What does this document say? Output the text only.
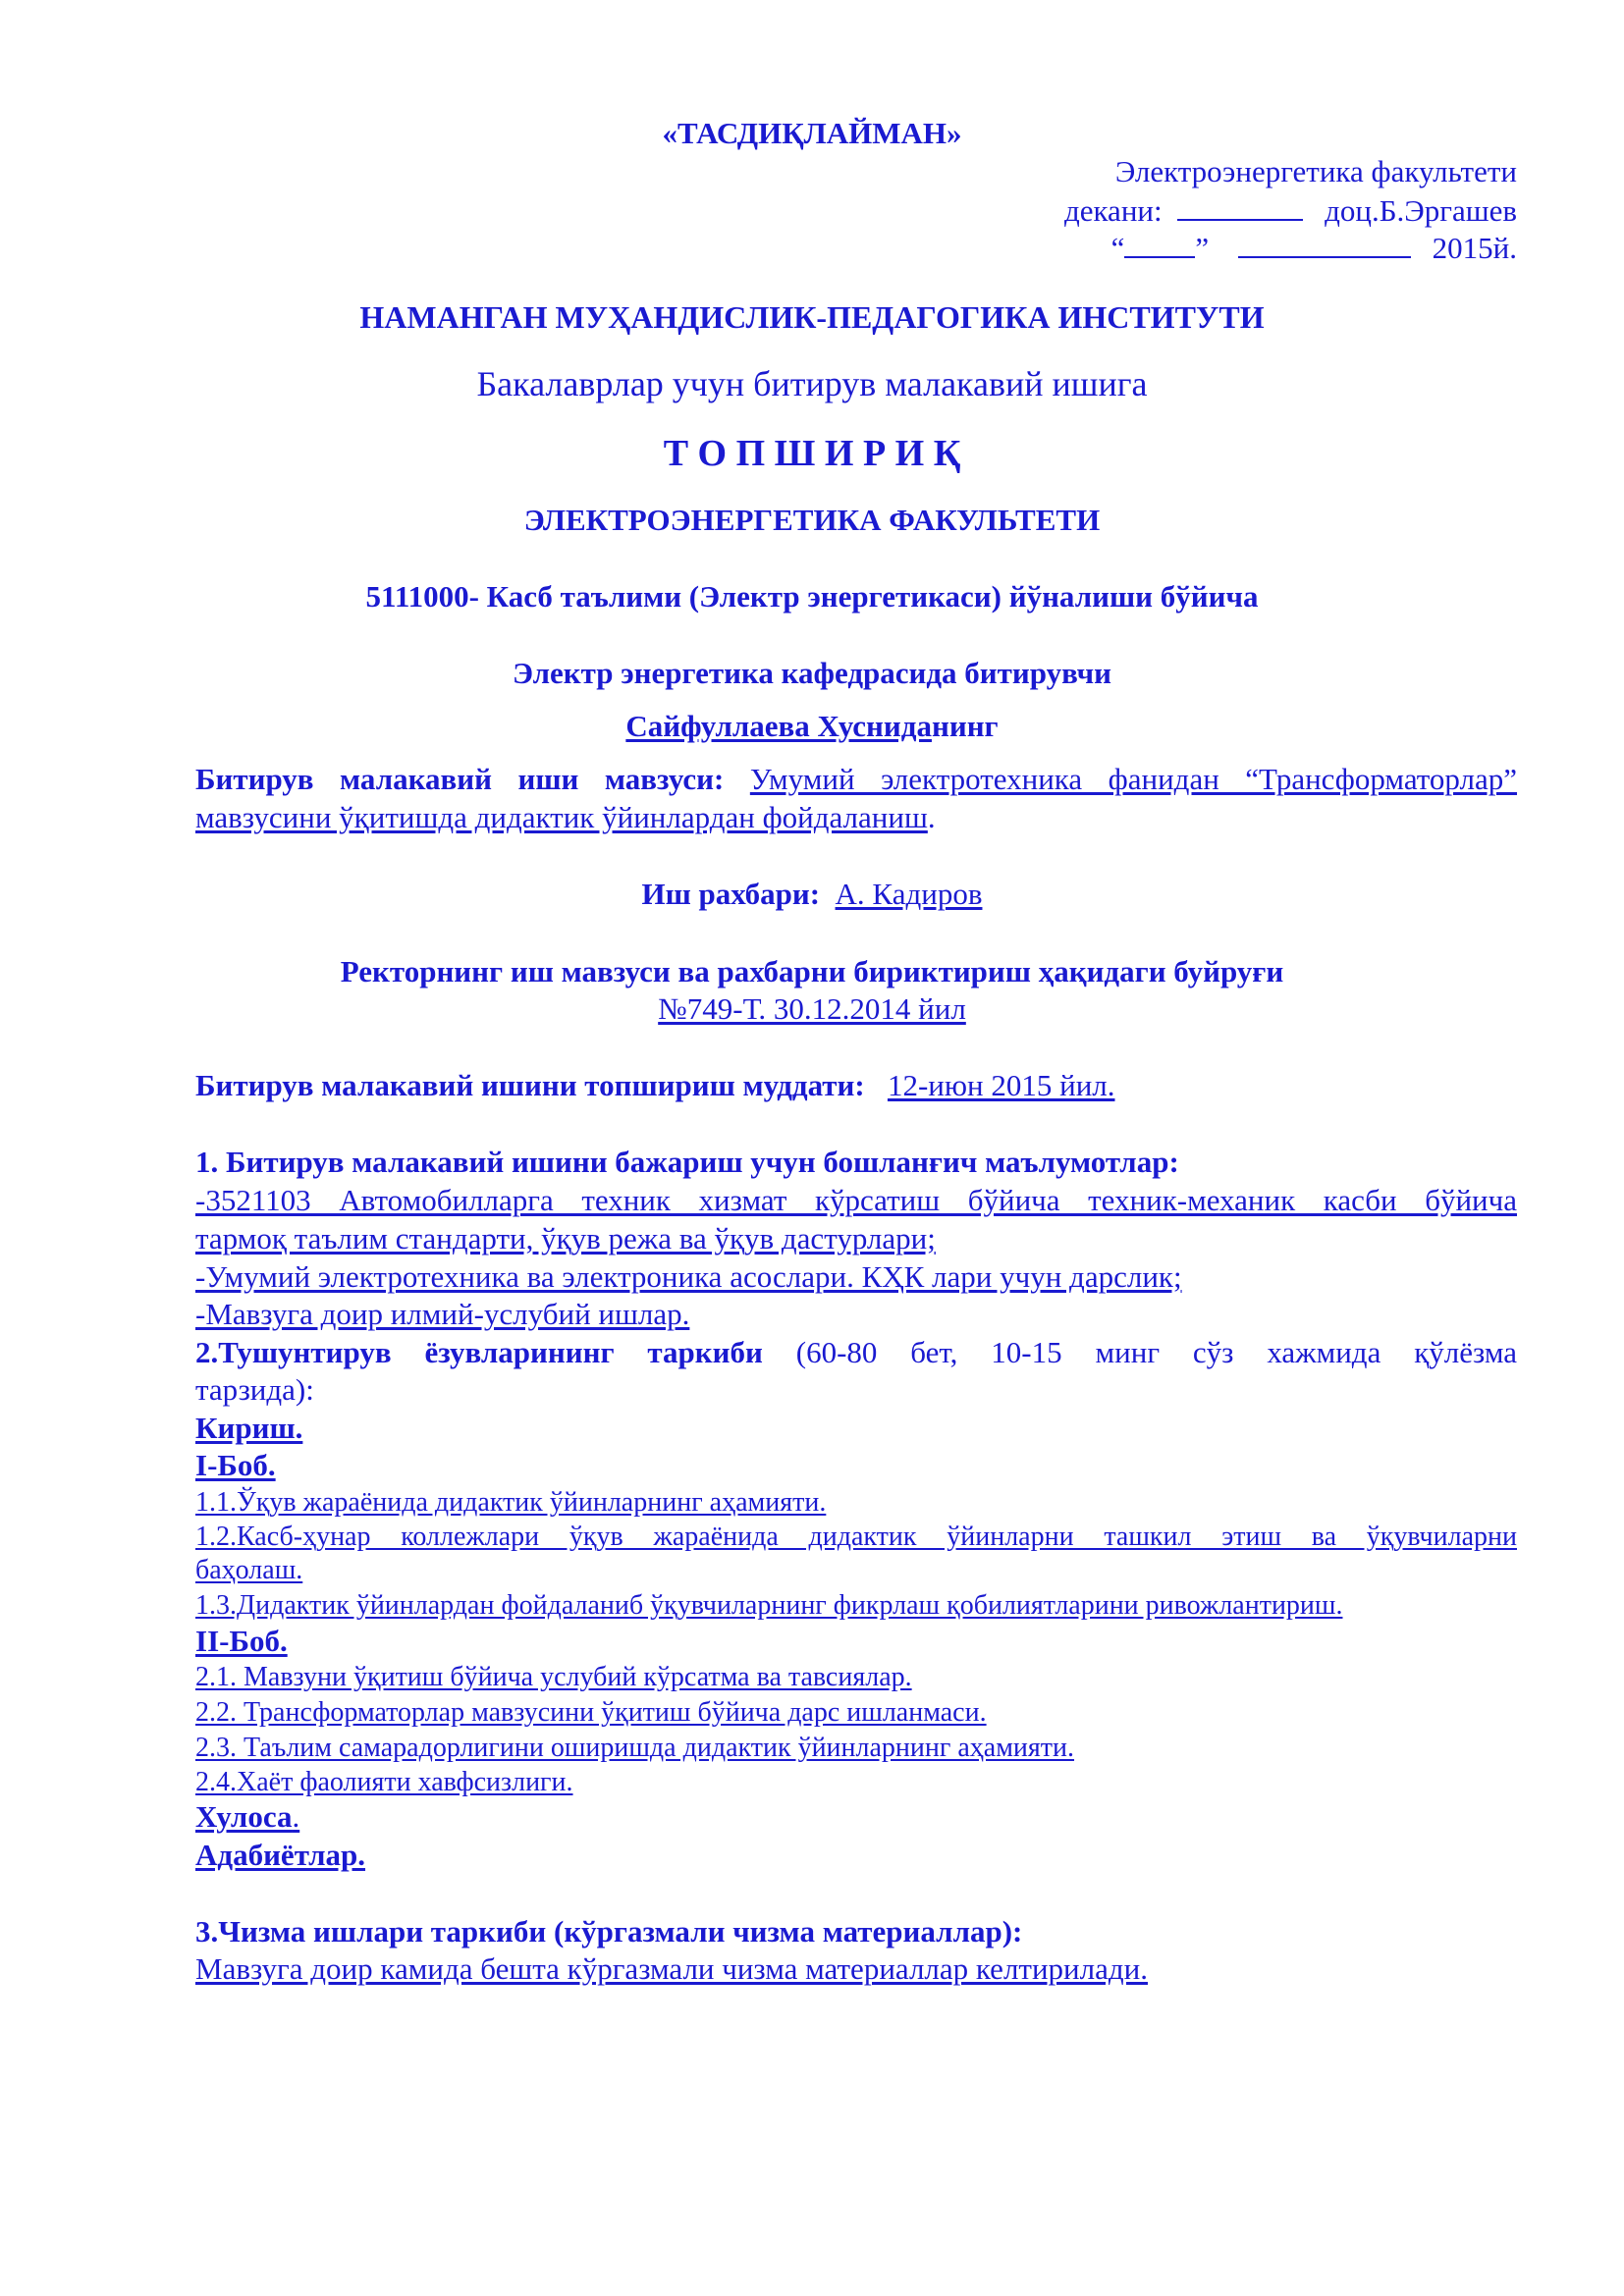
«ТАСДИҚЛАЙМАН»
Электроэнергетика факультети
декани:	доц.Б.Эргашев
“ ”	2015й.
НАМАНГАН МУҲАНДИСЛИК-ПЕДАГОГИКА ИНСТИТУТИ
Бакалаврлар учун битирув малакавий ишига
Т О П Ш И Р И Қ
ЭЛЕКТРОЭНЕРГЕТИКА ФАКУЛЬТЕТИ
5111000- Касб таълими (Электр энергетикаси) йўналиши бўйича
Электр энергетика кафедрасида битирувчи
Сайфуллаева Хусниданинг
Битирув малакавий иши мавзуси: Умумий электротехника фанидан “Трансформаторлар”
мавзусини ўқитишда дидактик ўйинлардан фойдаланиш.
Иш рахбари: А. Кадиров
Ректорнинг иш мавзуси ва рахбарни бириктириш ҳақидаги буйруғи
№749-Т. 30.12.2014 йил
Битирув малакавий ишини топшириш муддати: 12-июн 2015 йил.
1. Битирув малакавий ишини бажариш учун бошланғич маълумотлар:
-3521103 Автомобилларга техник хизмат кўрсатиш бўйича техник-механик касби бўйича
тармоқ таълим стандарти, ўқув режа ва ўқув дастурлари;
-Умумий электротехника ва электроника асослари. КҲК лари учун дарслик;
-Мавзуга доир илмий-услубий ишлар.
2.Тушунтирув ёзувларининг таркиби (60-80 бет, 10-15 минг сўз хажмида қўлёзма
тарзида):
Кириш.
I-Боб.
1.1.Ўқув жараёнида дидактик ўйинларнинг аҳамияти.
1.2.Касб-ҳунар коллежлари ўқув жараёнида дидактик ўйинларни ташкил этиш ва ўқувчиларни
баҳолаш.
1.3.Дидактик ўйинлардан фойдаланиб ўқувчиларнинг фикрлаш қобилиятларини ривожлантириш.
II-Боб.
2.1. Мавзуни ўқитиш бўйича услубий кўрсатма ва тавсиялар.
2.2. Трансформаторлар мавзусини ўқитиш бўйича дарс ишланмаси.
2.3. Таълим самарадорлигини оширишда дидактик ўйинларнинг аҳамияти.
2.4.Хаёт фаолияти хавфсизлиги.
Хулоса.
Адабиётлар.
3.Чизма ишлари таркиби (кўргазмали чизма материаллар):
Мавзуга доир камида бешта кўргазмали чизма материаллар келтирилади.
